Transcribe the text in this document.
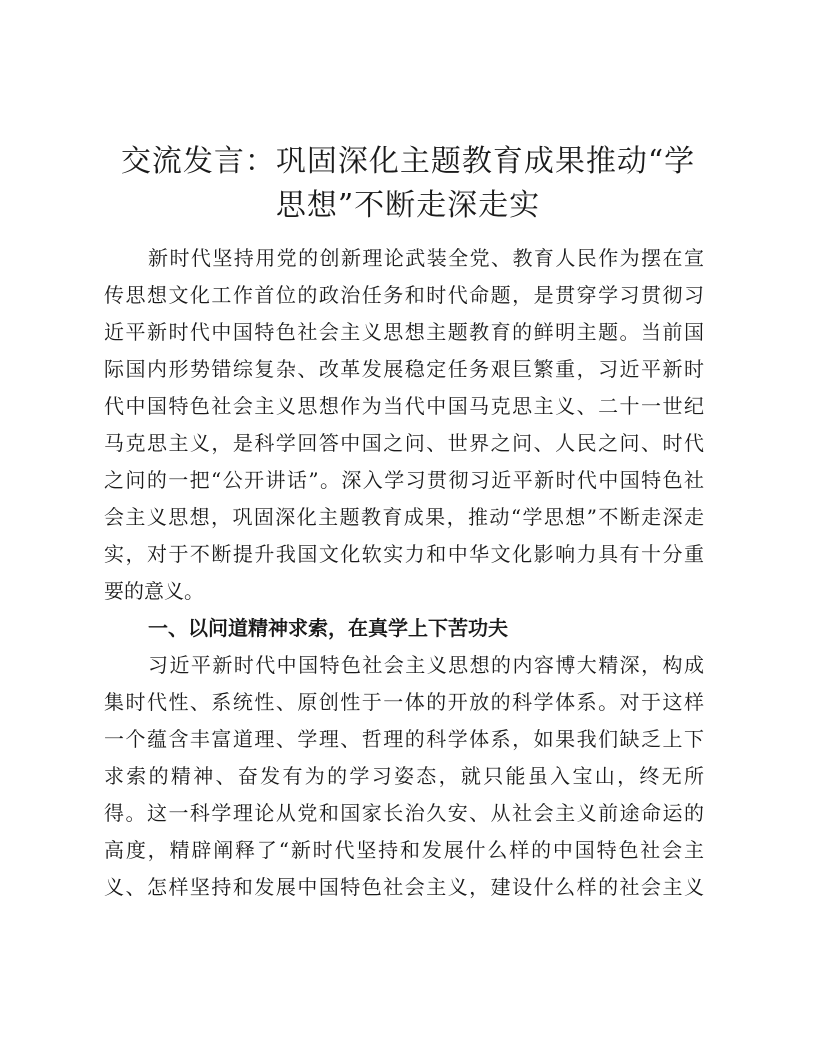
交流发言：巩固深化主题教育成果推动“学思想”不断走深走实
新时代坚持用党的创新理论武装全党、教育人民作为摆在宣
传思想文化工作首位的政治任务和时代命题，是贯穿学习贯彻习
近平新时代中国特色社会主义思想主题教育的鲜明主题。当前国
际国内形势错综复杂、改革发展稳定任务艰巨繁重，习近平新时
代中国特色社会主义思想作为当代中国马克思主义、二十一世纪
马克思主义，是科学回答中国之问、世界之问、人民之问、时代
之问的一把“公开讲话”。深入学习贯彻习近平新时代中国特色社
会主义思想，巩固深化主题教育成果，推动“学思想”不断走深走
实，对于不断提升我国文化软实力和中华文化影响力具有十分重
要的意义。
一、以问道精神求索，在真学上下苦功夫
习近平新时代中国特色社会主义思想的内容博大精深，构成
集时代性、系统性、原创性于一体的开放的科学体系。对于这样
一个蕴含丰富道理、学理、哲理的科学体系，如果我们缺乏上下
求索的精神、奋发有为的学习姿态，就只能虽入宝山，终无所
得。这一科学理论从党和国家长治久安、从社会主义前途命运的
高度，精辟阐释了“新时代坚持和发展什么样的中国特色社会主
义、怎样坚持和发展中国特色社会主义，建设什么样的社会主义
